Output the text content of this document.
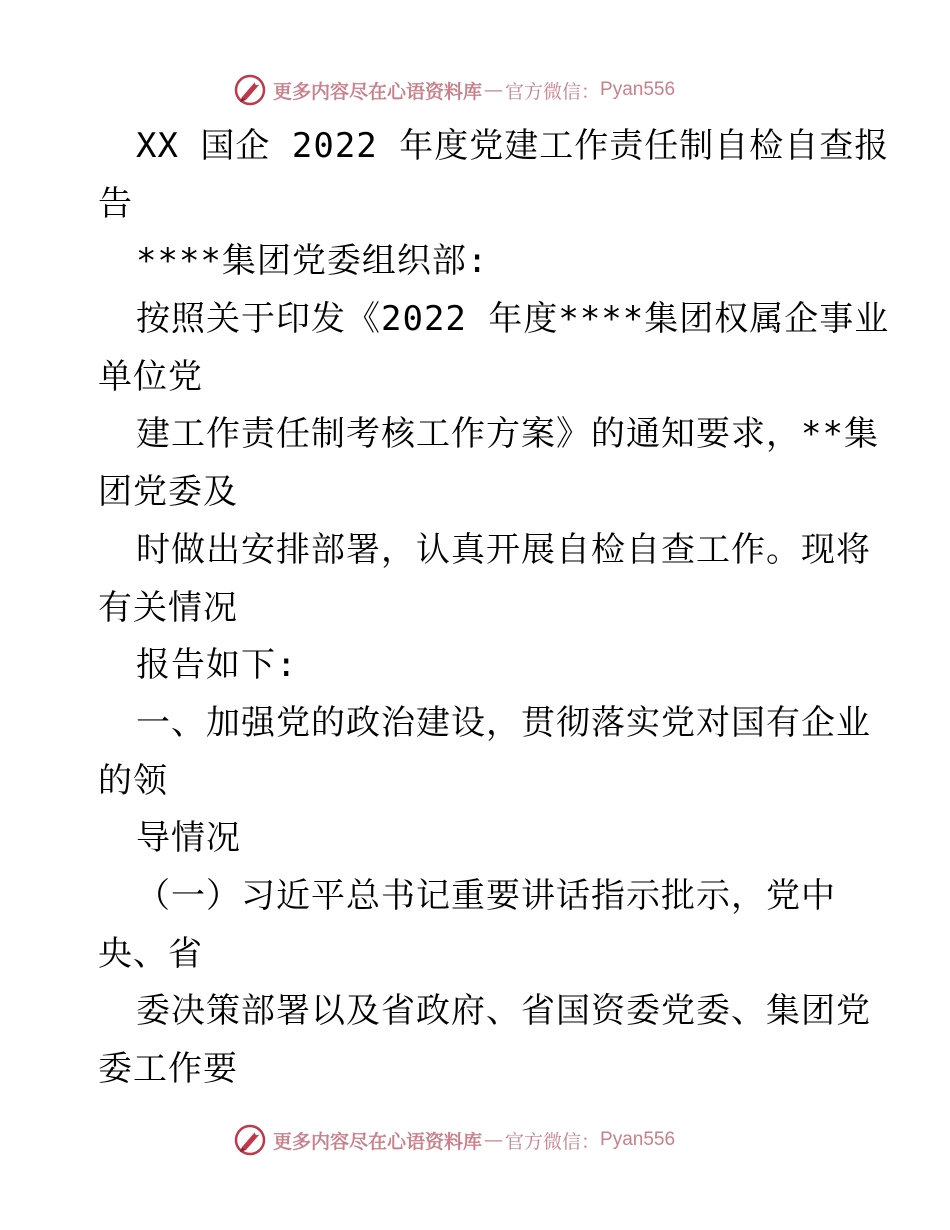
更多内容尽在心语资料库 — 官方微信： Pyan556
XX 国企 2022 年度党建工作责任制自检自查报
告
****集团党委组织部:
按照关于印发《2022 年度****集团权属企事业
单位党
建工作责任制考核工作方案》的通知要求，**集
团党委及
时做出安排部署，认真开展自检自查工作。现将
有关情况
报告如下:
一、加强党的政治建设，贯彻落实党对国有企业
的领
导情况
（一）习近平总书记重要讲话指示批示，党中
央、省
委决策部署以及省政府、省国资委党委、集团党
委工作要
更多内容尽在心语资料库 — 官方微信： Pyan556
